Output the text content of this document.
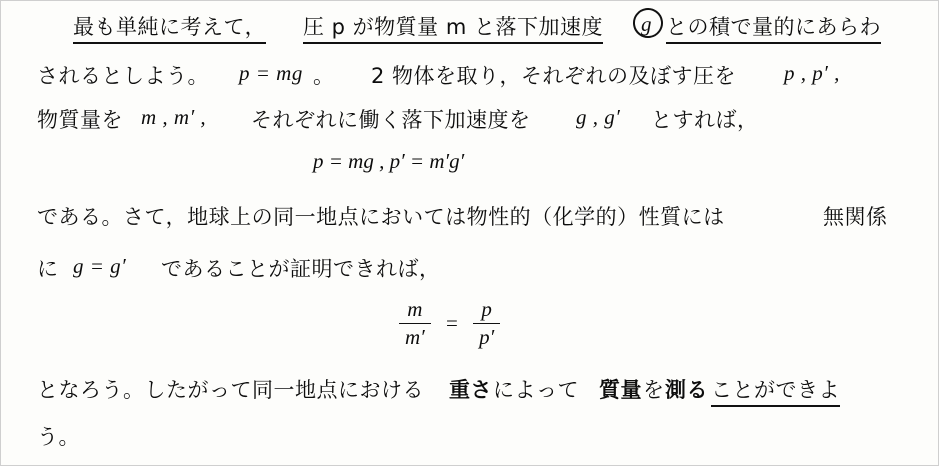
最も単純に考えて， 圧 p が物質量 m と落下加速度 g との積で量的にあらわ
されるとしよう。 p = mg 。 2 物体を取り，それぞれの及ぼす圧を p , p′ ,
物質量を m , m′ , それぞれに働く落下加速度を g , g′ とすれば，
p = mg , p′ = m′g′
である。さて，地球上の同一地点においては物性的（化学的）性質には	無関係
に g = g′ であることが証明できれば，
$\frac{m}{m'} = \frac{p}{p'}$
となろう。したがって同一地点における 重さ によって 質量 を 測る ことができよ
う。
